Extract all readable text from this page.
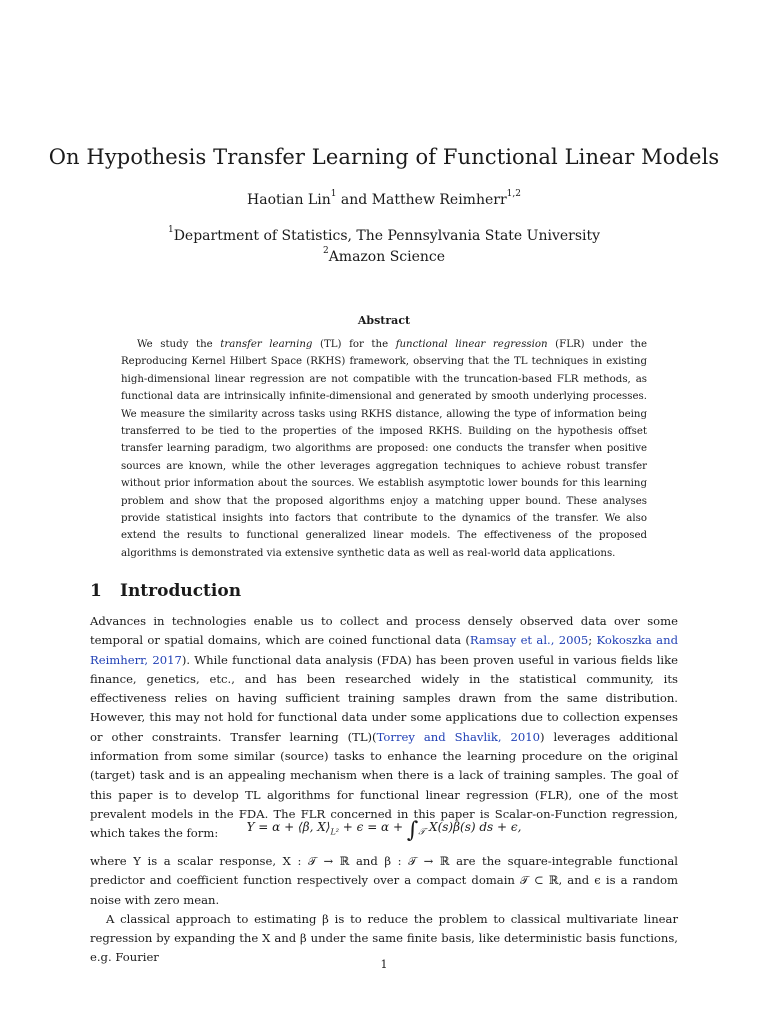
On Hypothesis Transfer Learning of Functional Linear Models
Haotian Lin$^1$ and Matthew Reimherr$^{1,2}$
$^1$Department of Statistics, The Pennsylvania State University
$^2$Amazon Science
Abstract

We study the transfer learning (TL) for the functional linear regression (FLR) under the Reproducing Kernel Hilbert Space (RKHS) framework, observing that the TL techniques in existing high-dimensional linear regression are not compatible with the truncation-based FLR methods, as functional data are intrinsically infinite-dimensional and generated by smooth underlying processes. We measure the similarity across tasks using RKHS distance, allowing the type of information being transferred to be tied to the properties of the imposed RKHS. Building on the hypothesis offset transfer learning paradigm, two algorithms are proposed: one conducts the transfer when positive sources are known, while the other leverages aggregation techniques to achieve robust transfer without prior information about the sources. We establish asymptotic lower bounds for this learning problem and show that the proposed algorithms enjoy a matching upper bound. These analyses provide statistical insights into factors that contribute to the dynamics of the transfer. We also extend the results to functional generalized linear models. The effectiveness of the proposed algorithms is demonstrated via extensive synthetic data as well as real-world data applications.

1 Introduction

Advances in technologies enable us to collect and process densely observed data over some temporal or spatial domains, which are coined functional data (Ramsay et al., 2005; Kokoszka and Reimherr, 2017). While functional data analysis (FDA) has been proven useful in various fields like finance, genetics, etc., and has been researched widely in the statistical community, its effectiveness relies on having sufficient training samples drawn from the same distribution. However, this may not hold for functional data under some applications due to collection expenses or other constraints. Transfer learning (TL)(Torrey and Shavlik, 2010) leverages additional information from some similar (source) tasks to enhance the learning procedure on the original (target) task and is an appealing mechanism when there is a lack of training samples. The goal of this paper is to develop TL algorithms for functional linear regression (FLR), one of the most prevalent models in the FDA. The FLR concerned in this paper is Scalar-on-Function regression, which takes the form:	Y = α + ⟨β, $X⟩_{L^2} + \epsilon = \alpha + \int_𝒯$ X(s)β(s) ds + ϵ,

where Y is a scalar response, X : 𝒯 → ℝ and β : 𝒯 → ℝ are the square-integrable functional predictor and coefficient function respectively over a compact domain 𝒯 ⊂ ℝ, and ϵ is a random noise with zero mean.

A classical approach to estimating β is to reduce the problem to classical multivariate linear regression by expanding the X and β under the same finite basis, like deterministic basis functions, e.g. Fourier

1
